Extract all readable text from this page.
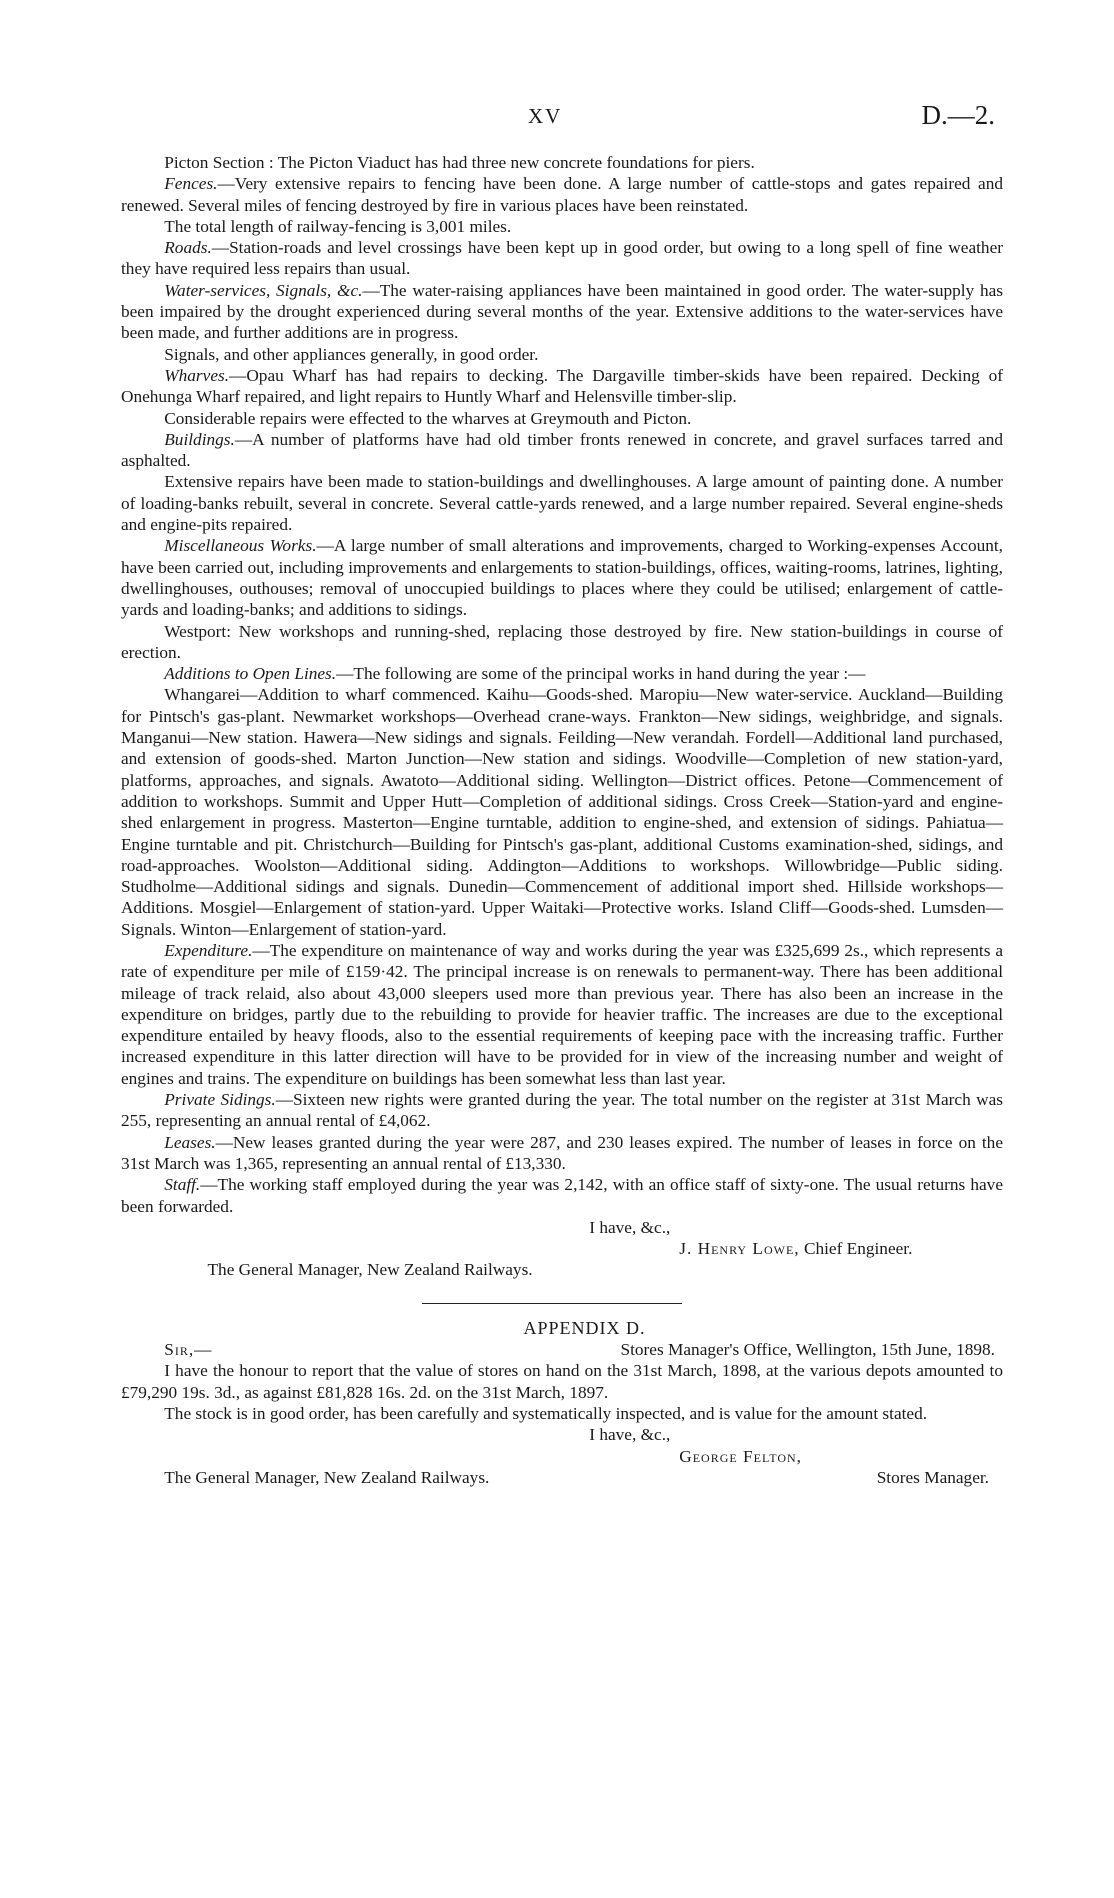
XV	D.—2.

Picton Section : The Picton Viaduct has had three new concrete foundations for piers.

Fences.—Very extensive repairs to fencing have been done. A large number of cattle-stops and gates repaired and renewed. Several miles of fencing destroyed by fire in various places have been reinstated.

The total length of railway-fencing is 3,001 miles.

Roads.—Station-roads and level crossings have been kept up in good order, but owing to a long spell of fine weather they have required less repairs than usual.

Water-services, Signals, &c.—The water-raising appliances have been maintained in good order. The water-supply has been impaired by the drought experienced during several months of the year. Extensive additions to the water-services have been made, and further additions are in progress.

Signals, and other appliances generally, in good order.

Wharves.—Opau Wharf has had repairs to decking. The Dargaville timber-skids have been repaired. Decking of Onehunga Wharf repaired, and light repairs to Huntly Wharf and Helensville timber-slip.

Considerable repairs were effected to the wharves at Greymouth and Picton.

Buildings.—A number of platforms have had old timber fronts renewed in concrete, and gravel surfaces tarred and asphalted.

Extensive repairs have been made to station-buildings and dwellinghouses. A large amount of painting done. A number of loading-banks rebuilt, several in concrete. Several cattle-yards renewed, and a large number repaired. Several engine-sheds and engine-pits repaired.

Miscellaneous Works.—A large number of small alterations and improvements, charged to Working-expenses Account, have been carried out, including improvements and enlargements to station-buildings, offices, waiting-rooms, latrines, lighting, dwellinghouses, outhouses; removal of unoccupied buildings to places where they could be utilised; enlargement of cattle-yards and loading-banks; and additions to sidings.

Westport: New workshops and running-shed, replacing those destroyed by fire. New station-buildings in course of erection.

Additions to Open Lines.—The following are some of the principal works in hand during the year :—

Whangarei—Addition to wharf commenced. Kaihu—Goods-shed. Maropiu—New water-service. Auckland—Building for Pintsch's gas-plant. Newmarket workshops—Overhead crane-ways. Frankton—New sidings, weighbridge, and signals. Manganui—New station. Hawera—New sidings and signals. Feilding—New verandah. Fordell—Additional land purchased, and extension of goods-shed. Marton Junction—New station and sidings. Woodville—Completion of new station-yard, platforms, approaches, and signals. Awatoto—Additional siding. Wellington—District offices. Petone—Commencement of addition to workshops. Summit and Upper Hutt—Completion of additional sidings. Cross Creek—Station-yard and engine-shed enlargement in progress. Masterton—Engine turntable, addition to engine-shed, and extension of sidings. Pahiatua—Engine turntable and pit. Christchurch—Building for Pintsch's gas-plant, additional Customs examination-shed, sidings, and road-approaches. Woolston—Additional siding. Addington—Additions to workshops. Willowbridge—Public siding. Studholme—Additional sidings and signals. Dunedin—Commencement of additional import shed. Hillside workshops—Additions. Mosgiel—Enlargement of station-yard. Upper Waitaki—Protective works. Island Cliff—Goods-shed. Lumsden—Signals. Winton—Enlargement of station-yard.

Expenditure.—The expenditure on maintenance of way and works during the year was £325,699 2s., which represents a rate of expenditure per mile of £159·42. The principal increase is on renewals to permanent-way. There has been additional mileage of track relaid, also about 43,000 sleepers used more than previous year. There has also been an increase in the expenditure on bridges, partly due to the rebuilding to provide for heavier traffic. The increases are due to the exceptional expenditure entailed by heavy floods, also to the essential requirements of keeping pace with the increasing traffic. Further increased expenditure in this latter direction will have to be provided for in view of the increasing number and weight of engines and trains. The expenditure on buildings has been somewhat less than last year.

Private Sidings.—Sixteen new rights were granted during the year. The total number on the register at 31st March was 255, representing an annual rental of £4,062.

Leases.—New leases granted during the year were 287, and 230 leases expired. The number of leases in force on the 31st March was 1,365, representing an annual rental of £13,330.

Staff.—The working staff employed during the year was 2,142, with an office staff of sixty-one. The usual returns have been forwarded.

I have, &c.,

J. Henry Lowe, Chief Engineer.

The General Manager, New Zealand Railways.

APPENDIX D.

Sir,—	Stores Manager's Office, Wellington, 15th June, 1898.

I have the honour to report that the value of stores on hand on the 31st March, 1898, at the various depots amounted to £79,290 19s. 3d., as against £81,828 16s. 2d. on the 31st March, 1897.

The stock is in good order, has been carefully and systematically inspected, and is value for the amount stated.

I have, &c.,

George Felton,

The General Manager, New Zealand Railways.	Stores Manager.
